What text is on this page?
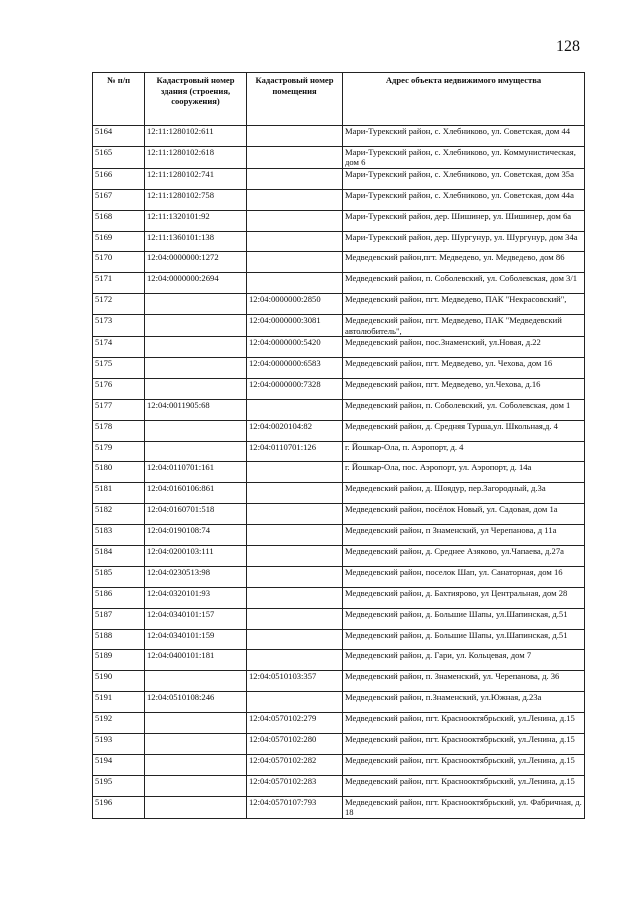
128
№ п/п	Кадастровый номер здания (строения, сооружения)	Кадастровый номер помещения	Адрес объекта недвижимого имущества
5164	12:11:1280102:611		Мари-Турекский район, с. Хлебниково, ул. Советская, дом 44
5165	12:11:1280102:618		Мари-Турекский район, с. Хлебниково, ул. Коммунистическая, дом 6
5166	12:11:1280102:741		Мари-Турекский район, с. Хлебниково, ул. Советская, дом 35а
5167	12:11:1280102:758		Мари-Турекский район, с. Хлебниково, ул. Советская, дом 44а
5168	12:11:1320101:92		Мари-Турекский район, дер. Шишинер, ул. Шишинер, дом 6а
5169	12:11:1360101:138		Мари-Турекский район, дер. Шургунур, ул. Шургунур, дом 34а
5170	12:04:0000000:1272		Медведевский район,пгт. Медведево, ул. Медведево, дом 86
5171	12:04:0000000:2694		Медведевский район, п. Соболевский, ул. Соболевская, дом 3/1
5172		12:04:0000000:2850	Медведевский район, пгт. Медведево, ПАК "Некрасовский",
5173		12:04:0000000:3081	Медведевский район, пгт. Медведево, ПАК "Медведевский автолюбитель",
5174		12:04:0000000:5420	Медведевский район, пос.Знаменский, ул.Новая, д.22
5175		12:04:0000000:6583	Медведевский район, пгт. Медведево, ул. Чехова, дом 16
5176		12:04:0000000:7328	Медведевский район, пгт. Медведево, ул.Чехова, д.16
5177	12:04:0011905:68		Медведевский район, п. Соболевский, ул. Соболевская, дом 1
5178		12:04:0020104:82	Медведевский район, д. Средняя Турша,ул. Школьная,д. 4
5179		12:04:0110701:126	г. Йошкар-Ола, п. Аэропорт, д. 4
5180	12:04:0110701:161		г. Йошкар-Ола, пос. Аэропорт, ул. Аэропорт, д. 14а
5181	12:04:0160106:861		Медведевский район, д. Шоядур, пер.Загородный, д.3а
5182	12:04:0160701:518		Медведевский район, посёлок Новый, ул. Садовая, дом 1а
5183	12:04:0190108:74		Медведевский район, п Знаменский, ул Черепанова, д 11а
5184	12:04:0200103:111		Медведевский район, д. Среднее Азяково, ул.Чапаева, д.27а
5185	12:04:0230513:98		Медведевский район, поселок Шап, ул. Санаторная, дом 16
5186	12:04:0320101:93		Медведевский район, д. Бахтиярово, ул Центральная, дом 28
5187	12:04:0340101:157		Медведевский район, д. Большие Шапы, ул.Шапинская, д.51
5188	12:04:0340101:159		Медведевский район, д. Большие Шапы, ул.Шапинская, д.51
5189	12:04:0400101:181		Медведевский район, д. Гари, ул. Кольцевая, дом 7
5190		12:04:0510103:357	Медведевский район, п. Знаменский, ул. Черепанова, д. 36
5191	12:04:0510108:246		Медведевский район, п.Знаменский, ул.Южная, д.23а
5192		12:04:0570102:279	Медведевский район, пгт. Краснооктябрьский, ул.Ленина, д.15
5193		12:04:0570102:280	Медведевский район, пгт. Краснооктябрьский, ул.Ленина, д.15
5194		12:04:0570102:282	Медведевский район, пгт. Краснооктябрьский, ул.Ленина, д.15
5195		12:04:0570102:283	Медведевский район, пгт. Краснооктябрьский, ул.Ленина, д.15
5196		12:04:0570107:793	Медведевский район, пгт. Краснооктябрьский, ул. Фабричная, д. 18
